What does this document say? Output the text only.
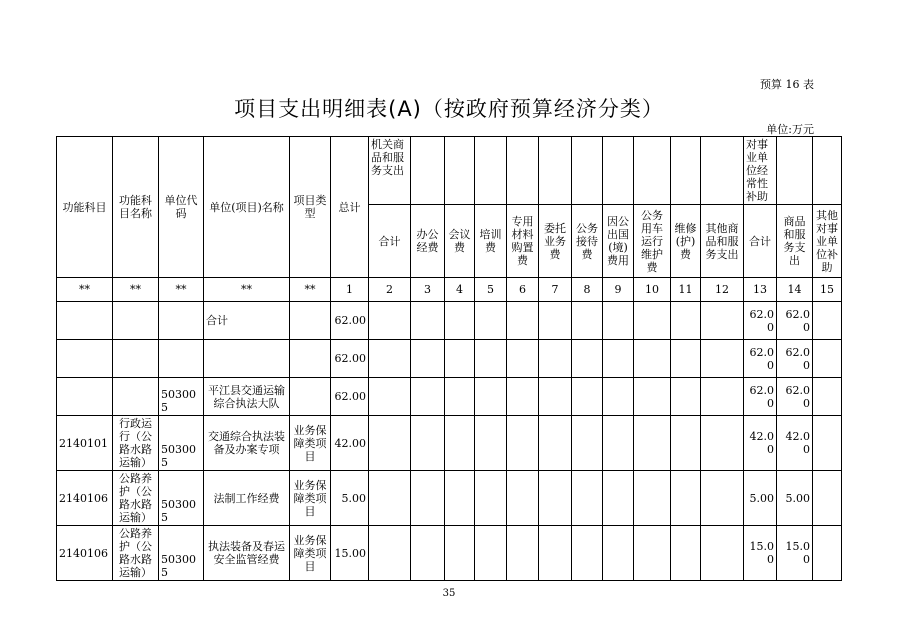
预算 16 表
项目支出明细表(A)（按政府预算经济分类）
单位:万元
功能科目	功能科目名称	单位代码	单位(项目)名称	项目类型	总计	机关商品和服务支出											对事业单位经常性补助		
						合计	办公经费	会议费	培训费	专用材料购置费	委托业务费	公务接待费	因公出国(境)费用	公务用车运行维护费	维修(护)费	其他商品和服务支出	合计	商品和服务支出	其他对事业单位补助
**	**	**	**	**	1	2	3	4	5	6	7	8	9	10	11	12	13	14	15
			合计		62.00												62.00	62.00	
					62.00												62.00	62.00	
		503005	平江县交通运输综合执法大队		62.00												62.00	62.00	
2140101	行政运行（公路水路运输）	503005	交通综合执法装备及办案专项	业务保障类项目	42.00												42.00	42.00	
2140106	公路养护（公路水路运输）	503005	法制工作经费	业务保障类项目	5.00												5.00	5.00	
2140106	公路养护（公路水路运输）	503005	执法装备及春运安全监管经费	业务保障类项目	15.00												15.00	15.00	
35
